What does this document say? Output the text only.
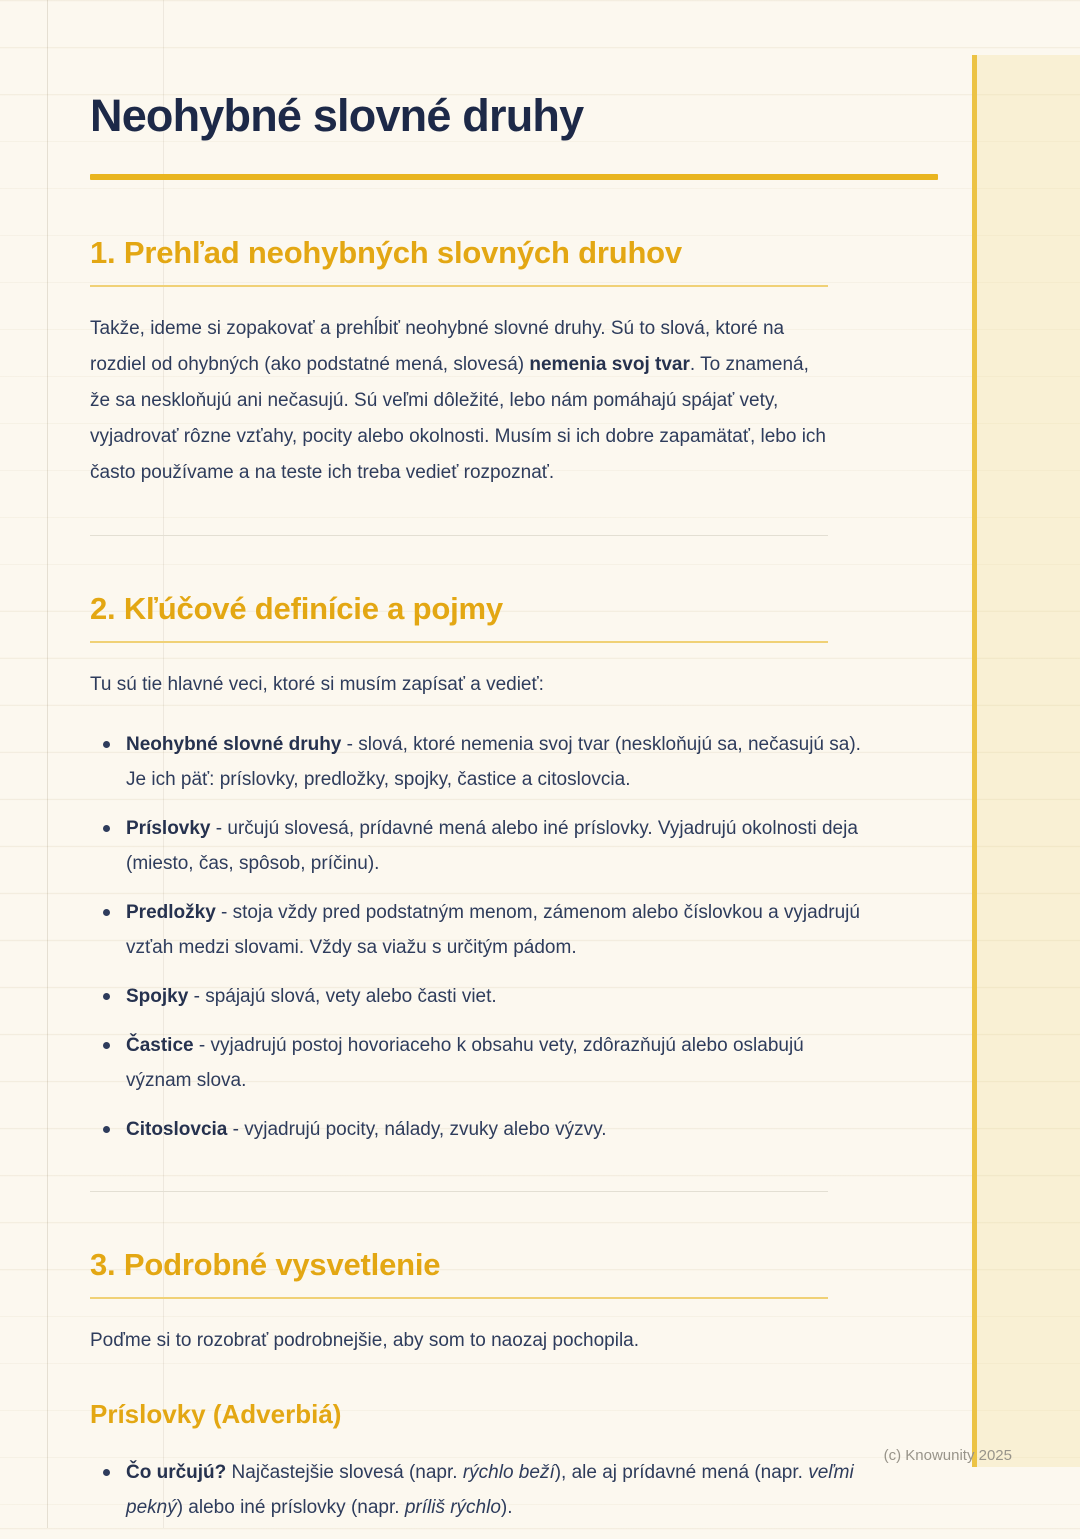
Neohybné slovné druhy
1. Prehľad neohybných slovných druhov

Takže, ideme si zopakovať a prehĺbiť neohybné slovné druhy. Sú to slová, ktoré na rozdiel od ohybných (ako podstatné mená, slovesá) nemenia svoj tvar. To znamená, že sa neskloňujú ani nečasujú. Sú veľmi dôležité, lebo nám pomáhajú spájať vety, vyjadrovať rôzne vzťahy, pocity alebo okolnosti. Musím si ich dobre zapamätať, lebo ich často používame a na teste ich treba vedieť rozpoznať.

2. Kľúčové definície a pojmy

Tu sú tie hlavné veci, ktoré si musím zapísať a vedieť:

Neohybné slovné druhy - slová, ktoré nemenia svoj tvar (neskloňujú sa, nečasujú sa). Je ich päť: príslovky, predložky, spojky, častice a citoslovcia.
Príslovky - určujú slovesá, prídavné mená alebo iné príslovky. Vyjadrujú okolnosti deja (miesto, čas, spôsob, príčinu).
Predložky - stoja vždy pred podstatným menom, zámenom alebo číslovkou a vyjadrujú vzťah medzi slovami. Vždy sa viažu s určitým pádom.
Spojky - spájajú slová, vety alebo časti viet.
Častice - vyjadrujú postoj hovoriaceho k obsahu vety, zdôrazňujú alebo oslabujú význam slova.
Citoslovcia - vyjadrujú pocity, nálady, zvuky alebo výzvy.
3. Podrobné vysvetlenie

Poďme si to rozobrať podrobnejšie, aby som to naozaj pochopila.

Príslovky (Adverbiá)
Čo určujú? Najčastejšie slovesá (napr. rýchlo beží), ale aj prídavné mená (napr. veľmi pekný) alebo iné príslovky (napr. príliš rýchlo).
(c) Knowunity 2025
